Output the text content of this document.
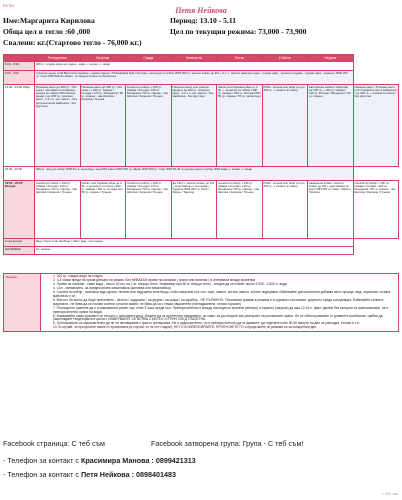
Fit Nei
Петя Нейкова
Име:Маргарита Кирилова	Период: 13.10 - 5.11
Обща цел в тегло :60 ,000	Цел по текущия режима: 73,000 - 73,900
Свалени: кг.(Стартово тегло - 76,000 кг.)
	Понеделник	Вторник	Сряда	Четвъртък	Петък	Събота	Неделя	
8:00 - 8:30	300 гр. хладка вода на гладно , кафе -/- мляко -/- захар							
9:00 - 9:00	2 филии черен хляб Виса или подобен + крема сирене / Philadelphia light / Котидж + зеленчук по избор ИЛИ 200 гр. кисело мляко до 3% + 2 с.л . мюсли (овесени ядки , сурови ядки , сушени плодове , сурови ядки , семена ) ИЛИ 200 гр. Скир ИЛИ 500 мл айрян , за предпочитане по-безплатен							
12:00 - 14:00 Обяд	Пилешко месо до 200 гр. / без кожа / гриловано или варено , салата по избор ИЛИ Салата Цезар с до 200 гр. пилешко месо , 1-2 с.л. зех. масло , без допълнителни майонеза , без кругтони	Пилешко месо до 200 гр. / без кожа / + 150 гр. извара / Котидж / 120 гр. Моцарела / 50 гр. сирене - пак Шопска / Капрезе / Гръцка	Салата по избор + 150 гр. извара / Котидж / 120 гр. Моцарела / 50 гр. сирене - пак Шопска / Капрезе / Гръцка	Пилешко месо или Салата Цезар с до 200 гр. пилешко месо , 1-2 с.л. зех. масло , без майонеза , без кругтони	Омлет или бъркани яйца от 2 бр. + зеленчук по избор +100 гр. извара / 100 гр. Котидж ИЛИ 50 гр. сирене / 50 гр. зеленчуци	Риба - печена или рибе топ до 200 гр. + салата по избор	Картофена салата / Картофи до 200 гр. + 150 гр. извара / 120 гр. Котидж / Моцарела / 50 гр. сирене	Свинско месо / Телешко месо или 2 кюфтета или 2 кебапчета / до 200 гр. + салата по избор / без кругтони
15:00 - 16:00	300 гр. плод по избор ИЛИ 30 гр. шоколад с над 60% какао ИЛИ 500 гр. айрян ИЛИ 200 гр. Скир ИЛИ 30-40 гр.сурови ядки по избор ИЛИ кафе -/- мляко -/- захар							
19:00 - 20:00 Вечеря	Салата по избор + 150 гр. извара / Котидж / 120 гр. Моцарела / 50 гр. сирене - пак Шопска / Капрезе / Гръцка	Омлет или бъркани яйца до 2 бр. + зеленчук по избор +100 гр. извара / 100 гр. Котидж или 50 гр. сирене / Гръцка	Салата по избор + 150 гр. извара / Котидж / 120 гр. Моцарела / 50 гр. сирене - пак Шопска / Капрезе / Гръцка	До 140 гр. кисело мляко до 3% + кристанина от пъстърва + Таратор ИЛИ 200 гр. Скир / Айрян / Таратор	Салата по избор + 150 гр. извара / Котидж / 120 гр. Моцарела / 50 гр. сирене - пак Шопска / Капрезе / Гръцка	Риба - печена или рибе топ до 200 гр. + салата по избор	Заквасена мляко / кисело мляко до 3% + кристалина за вкус ИЛИ 200 гр. Скир / Айрян / Таратор	Салата по избор + 150 гр. извара / Котидж / 120 гр. Моцарела / 50 гр. сирене - пак Шопска / Капрезе / Гръцка
След вечеря	Мед / Жълтъчни бонбони / Чай с мед - при нужда							
АНАМНЕЗА	Кл. заряне							
Правила	1. 300 гр. хладка вода на гладно
2. 3-4 хапки преди на храна днешно по режим. Без НИКАКЪВ прием на калории ( храни или напитки ) в интервала между хранения
3. Прием на напитки - само вода - около 30 мл. на 1 кг. текущо тегло. Например при 80 кг текущо тегло - следва да се изпият около 2,000 - 2,500 л. вода
4. Сол - минимално, за предпочитане хималайска (калиева или хималайска)
5. Салата по избор - всякакъв вид сурови, печени или задушени зеленчуци, с/ябо овкусени със сол, оцет, лимон, зехтин, масло, зехтин подправки. Избягвайте допълнителни добавки като горчица, мед, паричная, сочина, майонеза и т.н.
6. Месото би могло да бъде приготвено - печено / задушено / на фурна / на скара / на фрайър . НЕ ПЪРЖЕНО. Посочения грамаж в режима е в суровото състояние, директно преди консумация. Избягвайте силните маринати - не бива да се ползва солени и пълни мазни, не бива да са с тежки овкусители (патладжанени, готови соусове)
7. Последното хранене да е в максимално ранен час, поне 3 часа преди сън. Препоръчително е между последното хранене (вечеря) и първото (закуска) да има 12-16 ч. фаст (време без калории за храносмилане, не е препоръчително храни на вода).
8. Измервайте само сранието си теглото с постоянен уред. Можете да се претегляте ежедневно, но само, за да следите как реагирате на различните храни. Не се обезсърчавайте от дневните колебания, трябва да разглеждате тенденцията в цялост. ИЗМЕРВАЙТЕ СЕ ВСЯКА СЪБОТА СУТРИН СЛЕД ТОАЛЕТНА.
9. Тренировките са задължително да не се натоварвате с фасто тренировка. Не е задължително, но е препоръчително да се движите, да отделяте поне 30-60 минути на ден за разходка, стъпки и т.н.
10. В случай, че пропуснете някое от храненията (в случай, че не сте гладни), НЕ ГО КОМПЕНСИРАЙТЕ, ПРОПУСНЕТЕ ГО и продължете по режима си за конкретния ден.
Facebook страница: С теб съм	Facebook затворена група: Група - С теб съм!
- Телефон за контакт с Красимира Манова : 0899421313
- Телефон за контакт с Петя Нейкова : 0898401483
с теб съм
